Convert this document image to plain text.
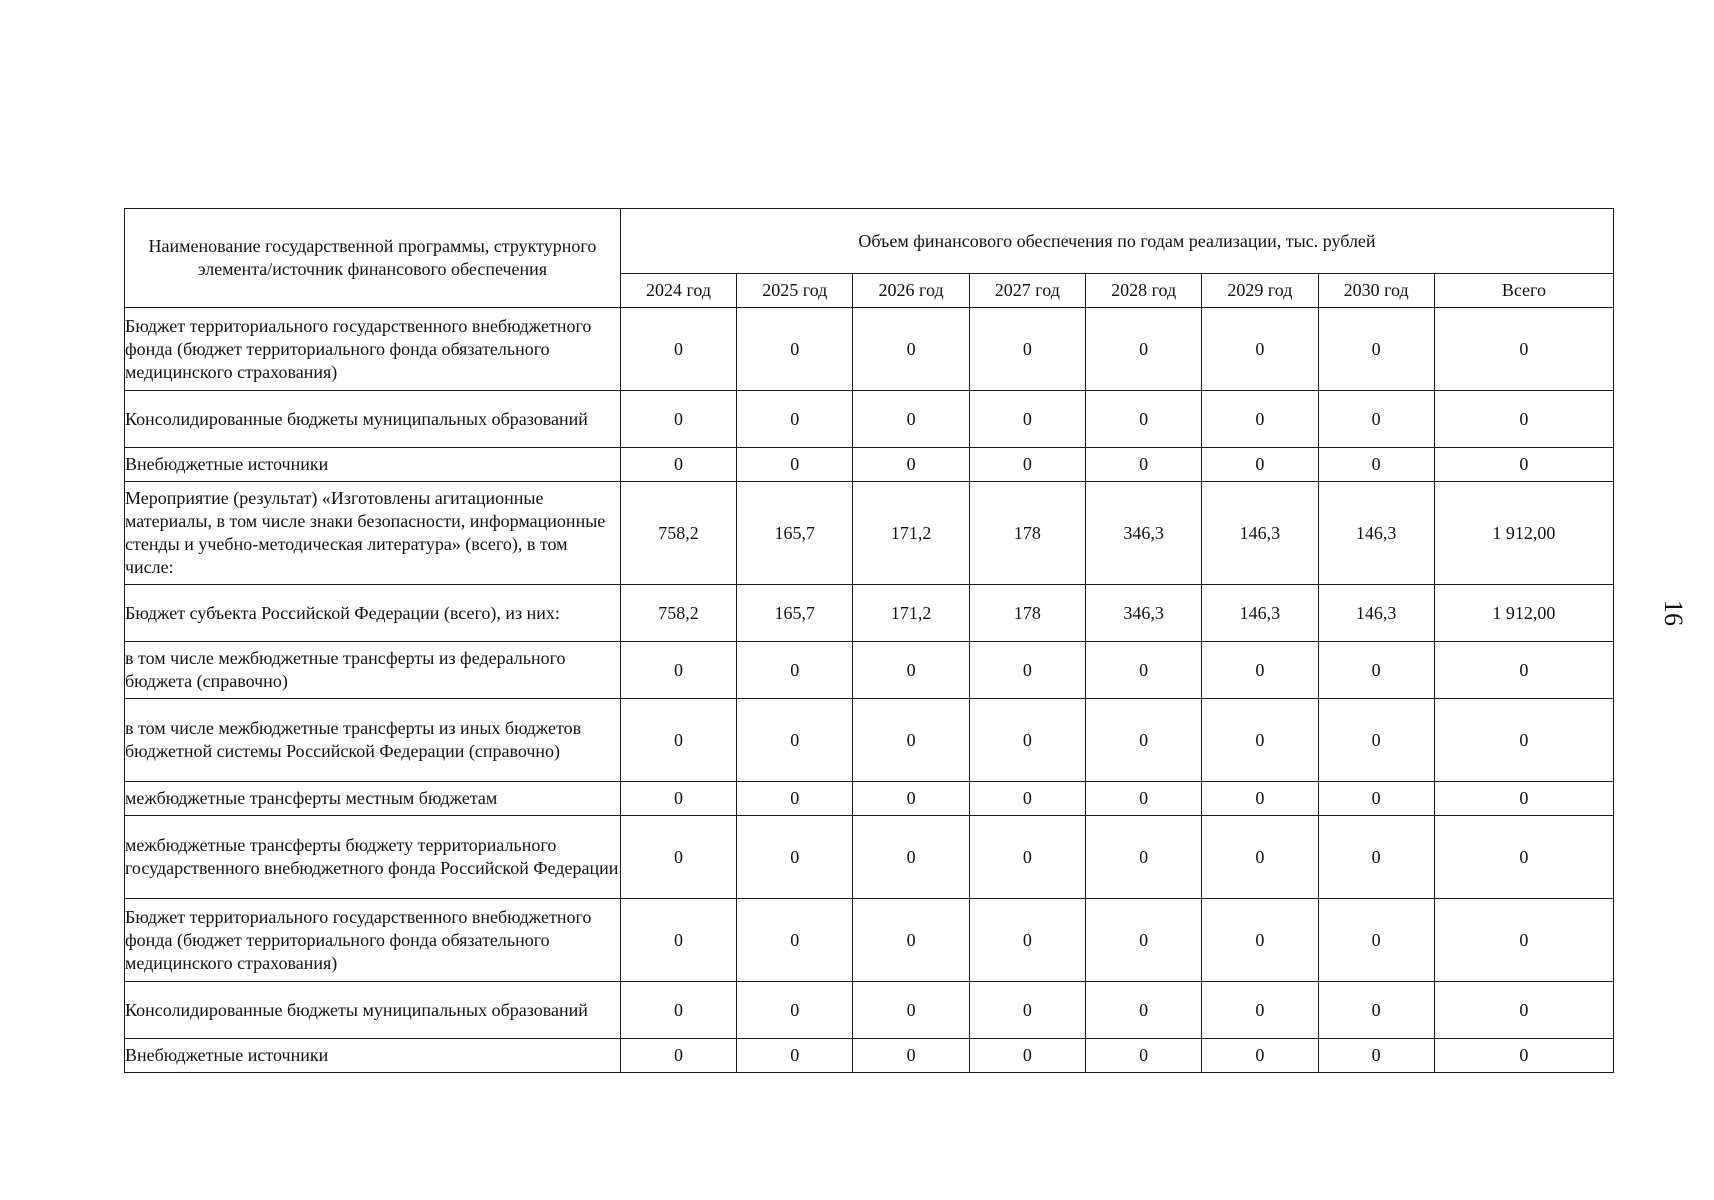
Наименование государственной программы, структурного элемента/источник финансового обеспечения	Объем финансового обеспечения по годам реализации, тыс. рублей							
	2024 год	2025 год	2026 год	2027 год	2028 год	2029 год	2030 год	Всего
Бюджет территориального государственного внебюджетного фонда (бюджет территориального фонда обязательного медицинского страхования)	0	0	0	0	0	0	0	0
Консолидированные бюджеты муниципальных образований	0	0	0	0	0	0	0	0
Внебюджетные источники	0	0	0	0	0	0	0	0
Мероприятие (результат) «Изготовлены агитационные материалы, в том числе знаки безопасности, информационные стенды и учебно-методическая литература» (всего), в том числе:	758,2	165,7	171,2	178	346,3	146,3	146,3	1 912,00
Бюджет субъекта Российской Федерации (всего), из них:	758,2	165,7	171,2	178	346,3	146,3	146,3	1 912,00
в том числе межбюджетные трансферты из федерального бюджета (справочно)	0	0	0	0	0	0	0	0
в том числе межбюджетные трансферты из иных бюджетов бюджетной системы Российской Федерации (справочно)	0	0	0	0	0	0	0	0
межбюджетные трансферты местным бюджетам	0	0	0	0	0	0	0	0
межбюджетные трансферты бюджету территориального государственного внебюджетного фонда Российской Федерации	0	0	0	0	0	0	0	0
Бюджет территориального государственного внебюджетного фонда (бюджет территориального фонда обязательного медицинского страхования)	0	0	0	0	0	0	0	0
Консолидированные бюджеты муниципальных образований	0	0	0	0	0	0	0	0
Внебюджетные источники	0	0	0	0	0	0	0	0
16
